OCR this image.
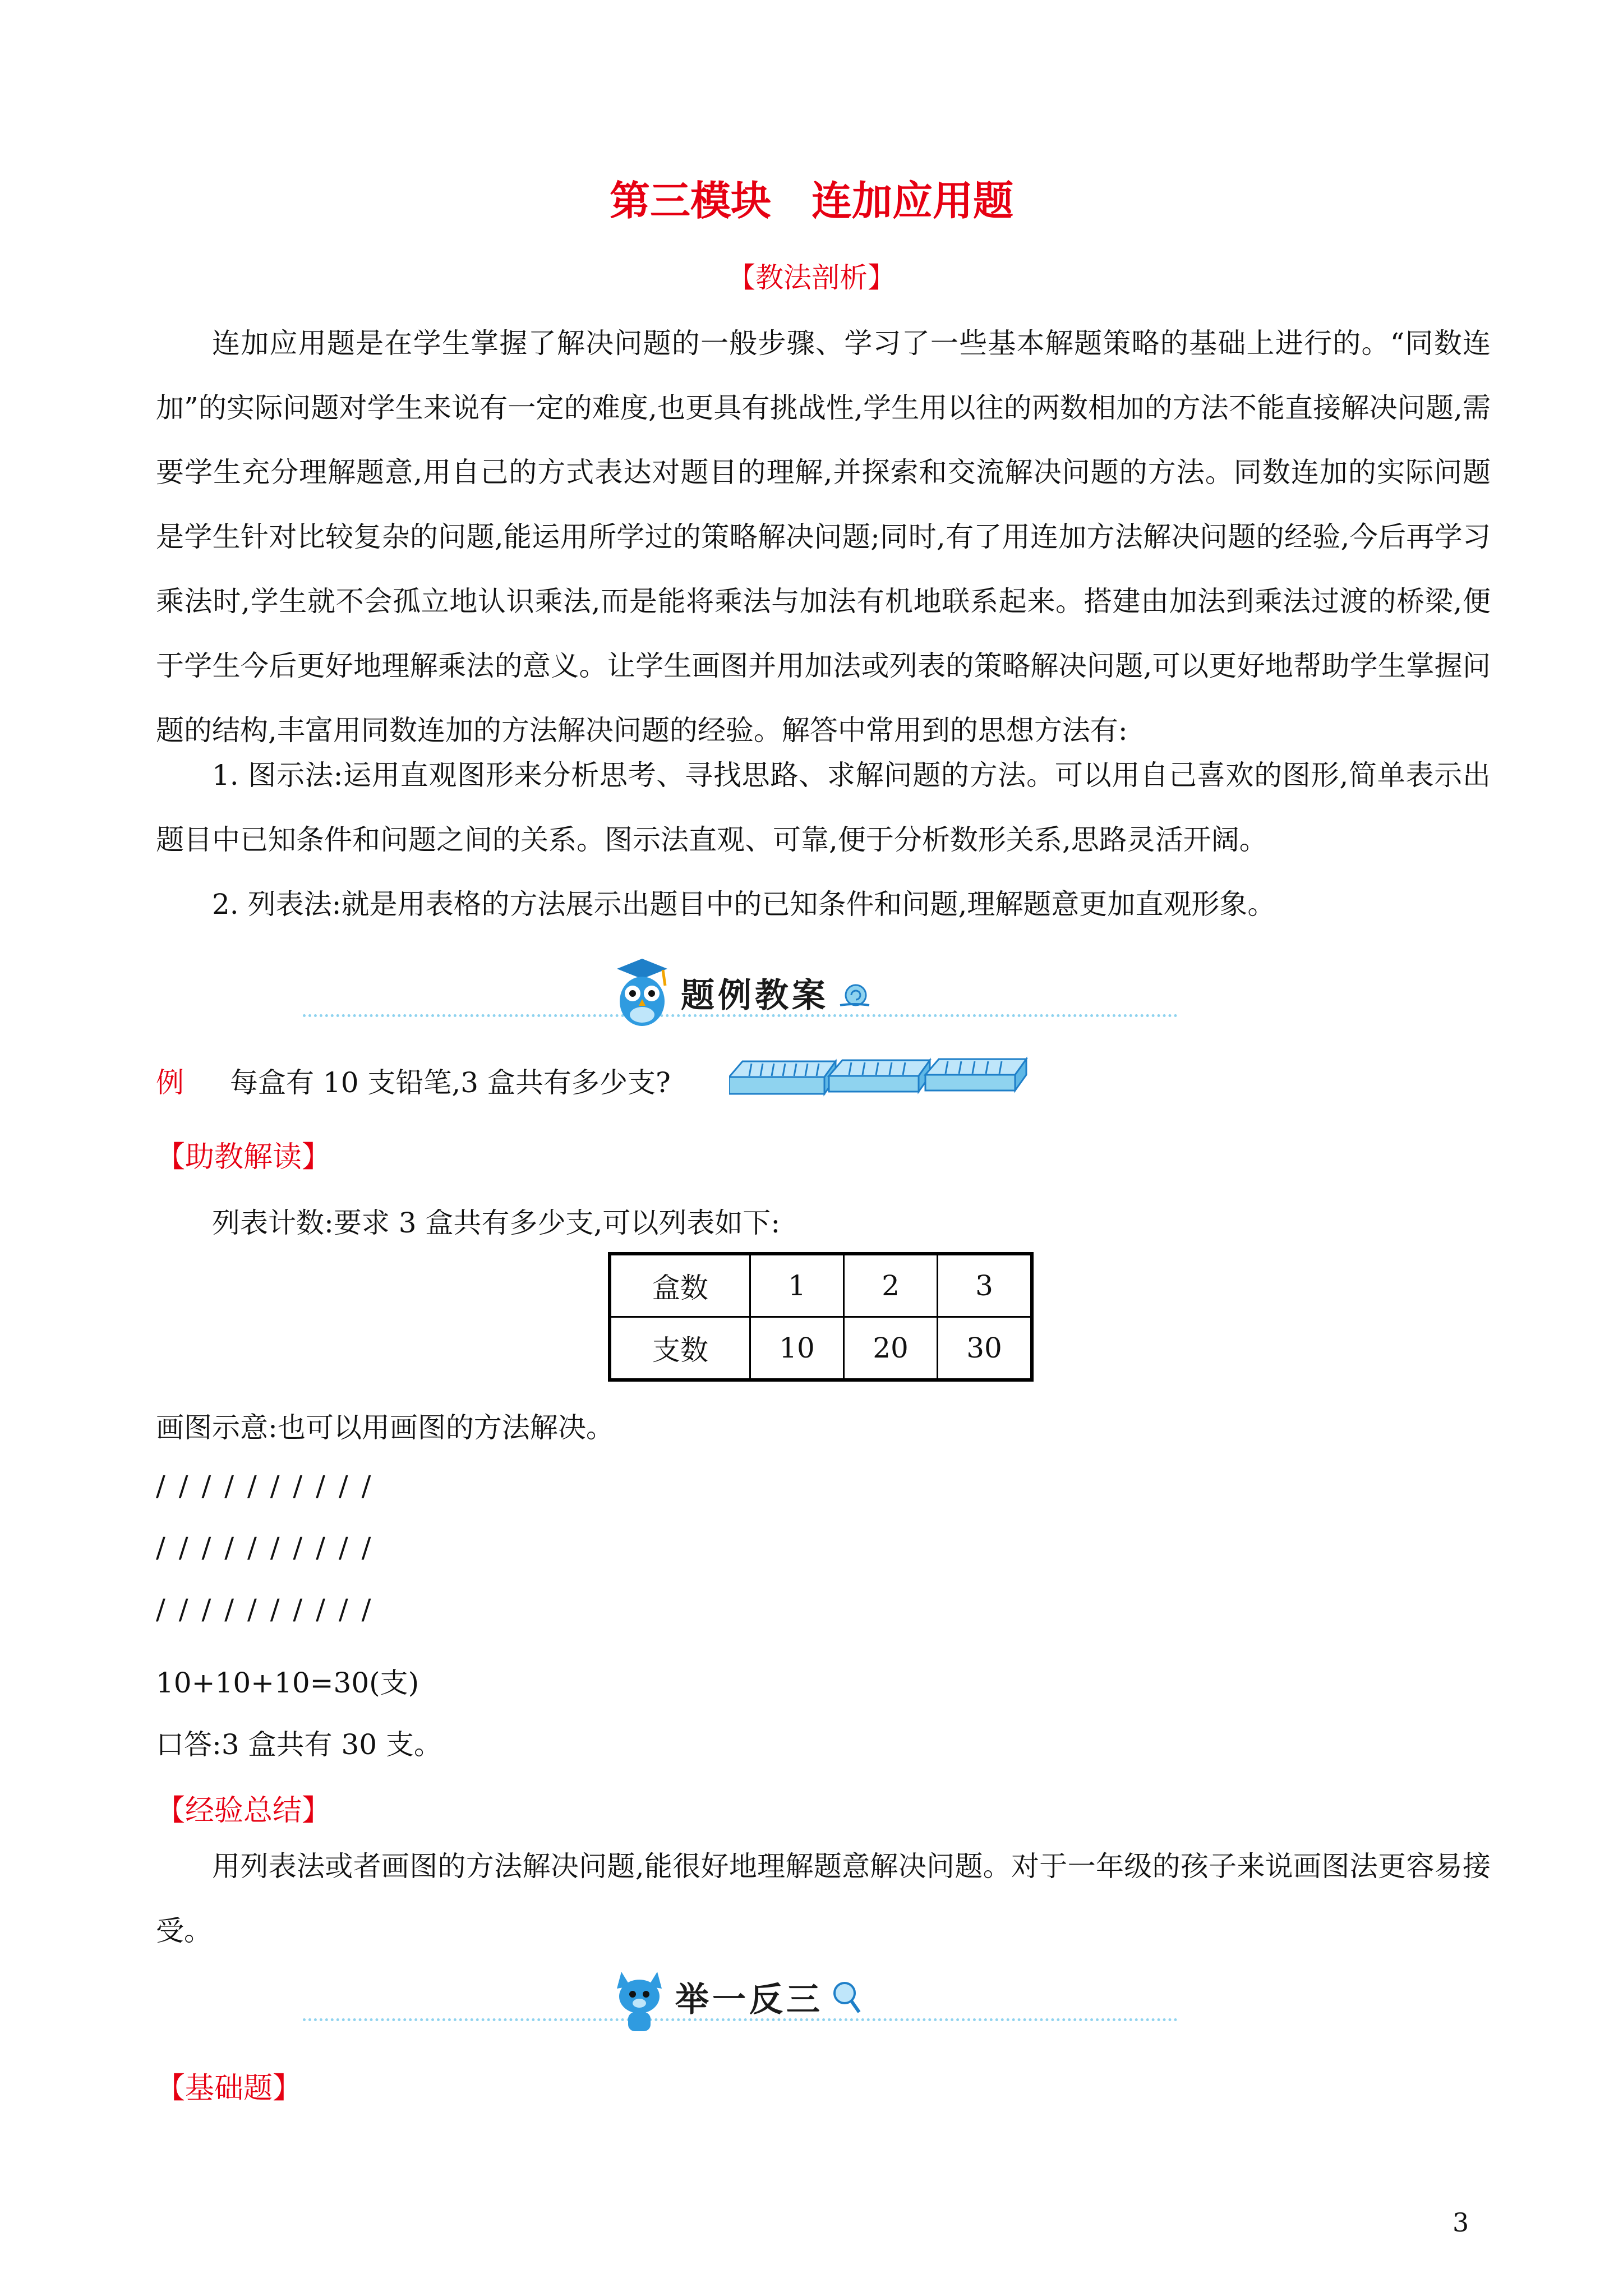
第三模块　连加应用题
【教法剖析】
连加应用题是在学生掌握了解决问题的一般步骤、学习了一些基本解题策略的基础上进行的。“同数连加”的实际问题对学生来说有一定的难度,也更具有挑战性,学生用以往的两数相加的方法不能直接解决问题,需要学生充分理解题意,用自己的方式表达对题目的理解,并探索和交流解决问题的方法。同数连加的实际问题是学生针对比较复杂的问题,能运用所学过的策略解决问题;同时,有了用连加方法解决问题的经验,今后再学习乘法时,学生就不会孤立地认识乘法,而是能将乘法与加法有机地联系起来。搭建由加法到乘法过渡的桥梁,便于学生今后更好地理解乘法的意义。让学生画图并用加法或列表的策略解决问题,可以更好地帮助学生掌握问题的结构,丰富用同数连加的方法解决问题的经验。解答中常用到的思想方法有:
1. 图示法:运用直观图形来分析思考、寻找思路、求解问题的方法。可以用自己喜欢的图形,简单表示出题目中已知条件和问题之间的关系。图示法直观、可靠,便于分析数形关系,思路灵活开阔。
2. 列表法:就是用表格的方法展示出题目中的已知条件和问题,理解题意更加直观形象。
题例教案
例 每盒有 10 支铅笔,3 盒共有多少支?
【助教解读】
列表计数:要求 3 盒共有多少支,可以列表如下:
盒数	1	2	3
支数	10	20	30
画图示意:也可以用画图的方法解决。
/ / / / / / / / / /
/ / / / / / / / / /
/ / / / / / / / / /
10+10+10=30(支)
口答:3 盒共有 30 支。
【经验总结】
用列表法或者画图的方法解决问题,能很好地理解题意解决问题。对于一年级的孩子来说画图法更容易接受。
举一反三
【基础题】
3
